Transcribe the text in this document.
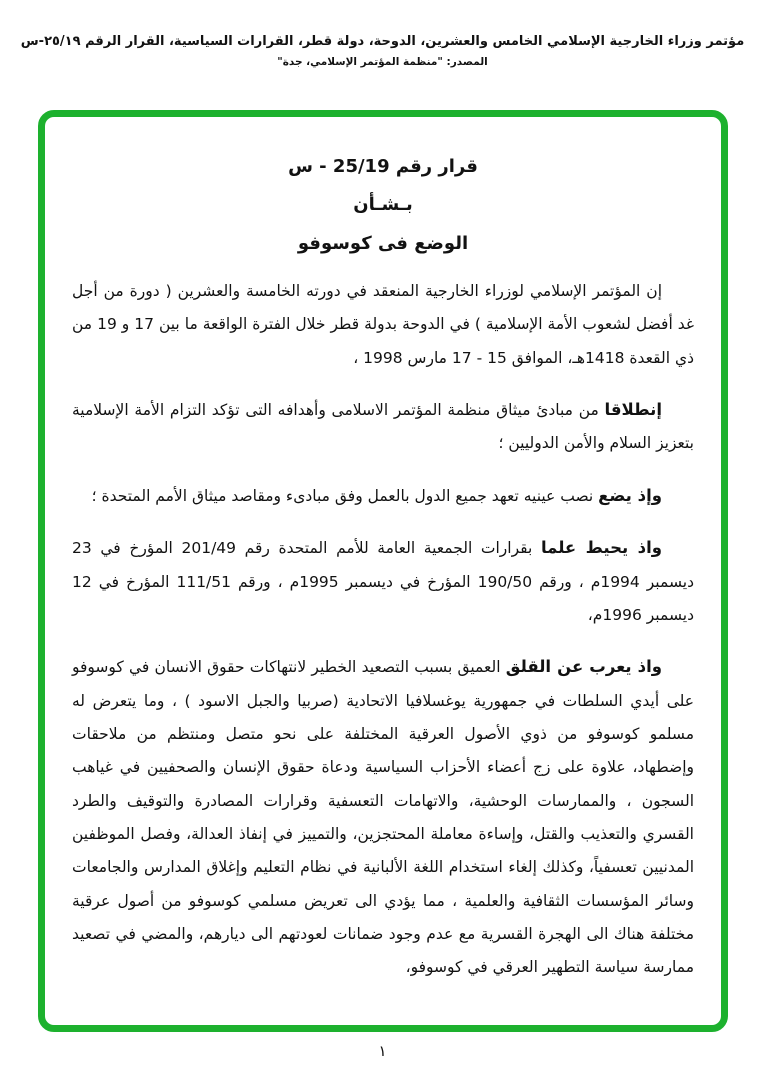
مؤتمر وزراء الخارجية الإسلامي الخامس والعشرين، الدوحة، دولة قطر، القرارات السياسية، القرار الرقم ٢٥/١٩-س
المصدر: "منظمة المؤتمر الإسلامي، جدة"
قرار رقم 25/19 - س
بـشـأن
الوضع فى كوسوفو

إن المؤتمر الإسلامي لوزراء الخارجية المنعقد في دورته الخامسة والعشرين ( دورة من أجل غد أفضل لشعوب الأمة الإسلامية ) في الدوحة بدولة قطر خلال الفترة الواقعة ما بين 17 و 19 من ذي القعدة 1418هـ، الموافق 15 - 17 مارس 1998 ،

إنطلاقا من مبادئ ميثاق منظمة المؤتمر الاسلامى وأهدافه التى تؤكد التزام الأمة الإسلامية بتعزيز السلام والأمن الدوليين ؛

وإذ يضع نصب عينيه تعهد جميع الدول بالعمل وفق مبادىء ومقاصد ميثاق الأمم المتحدة ؛

واذ يحيط علما بقرارات الجمعية العامة للأمم المتحدة رقم 201/49 المؤرخ في 23 ديسمبر 1994م ، ورقم 190/50 المؤرخ في ديسمبر 1995م ، ورقم 111/51 المؤرخ في 12 ديسمبر 1996م،

واذ يعرب عن القلق العميق بسبب التصعيد الخطير لانتهاكات حقوق الانسان في كوسوفو على أيدي السلطات في جمهورية يوغسلافيا الاتحادية (صربيا والجبل الاسود ) ، وما يتعرض له مسلمو كوسوفو من ذوي الأصول العرقية المختلفة على نحو متصل ومنتظم من ملاحقات وإضطهاد، علاوة على زج أعضاء الأحزاب السياسية ودعاة حقوق الإنسان والصحفيين في غياهب السجون ، والممارسات الوحشية، والاتهامات التعسفية وقرارات المصادرة والتوقيف والطرد القسري والتعذيب والقتل، وإساءة معاملة المحتجزين، والتمييز في إنفاذ العدالة، وفصل الموظفين المدنيين تعسفياً، وكذلك إلغاء استخدام اللغة الألبانية في نظام التعليم وإغلاق المدارس والجامعات وسائر المؤسسات الثقافية والعلمية ، مما يؤدي الى تعريض مسلمي كوسوفو من أصول عرقية مختلفة هناك الى الهجرة القسرية مع عدم وجود ضمانات لعودتهم الى ديارهم، والمضي في تصعيد ممارسة سياسة التطهير العرقي في كوسوفو،

١
